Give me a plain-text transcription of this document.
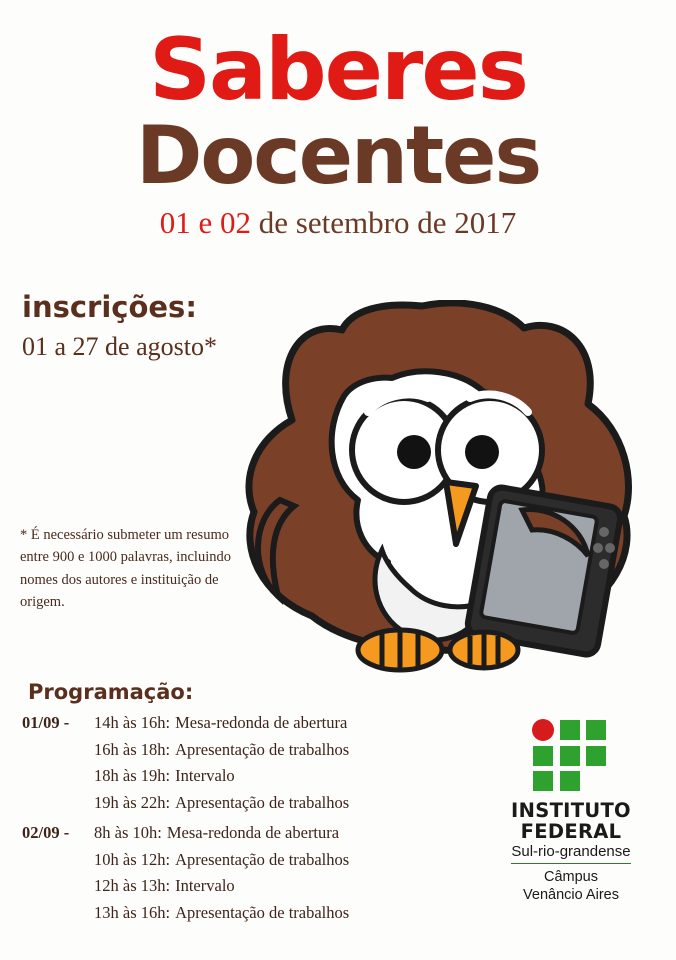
Saberes
Docentes
01 e 02 de setembro de 2017
inscrições:
01 a 27 de agosto*
* É necessário submeter um resumo entre 900 e 1000 palavras, incluindo nomes dos autores e instituição de origem.
Programação:
01/09 -	14h às 16h: Mesa-redonda de abertura
16h às 18h: Apresentação de trabalhos
18h às 19h: Intervalo
19h às 22h: Apresentação de trabalhos
02/09 -	8h às 10h: Mesa-redonda de abertura
10h às 12h: Apresentação de trabalhos
12h às 13h: Intervalo
13h às 16h: Apresentação de trabalhos
INSTITUTO
FEDERAL
Sul-rio-grandense
Câmpus
Venâncio Aires
